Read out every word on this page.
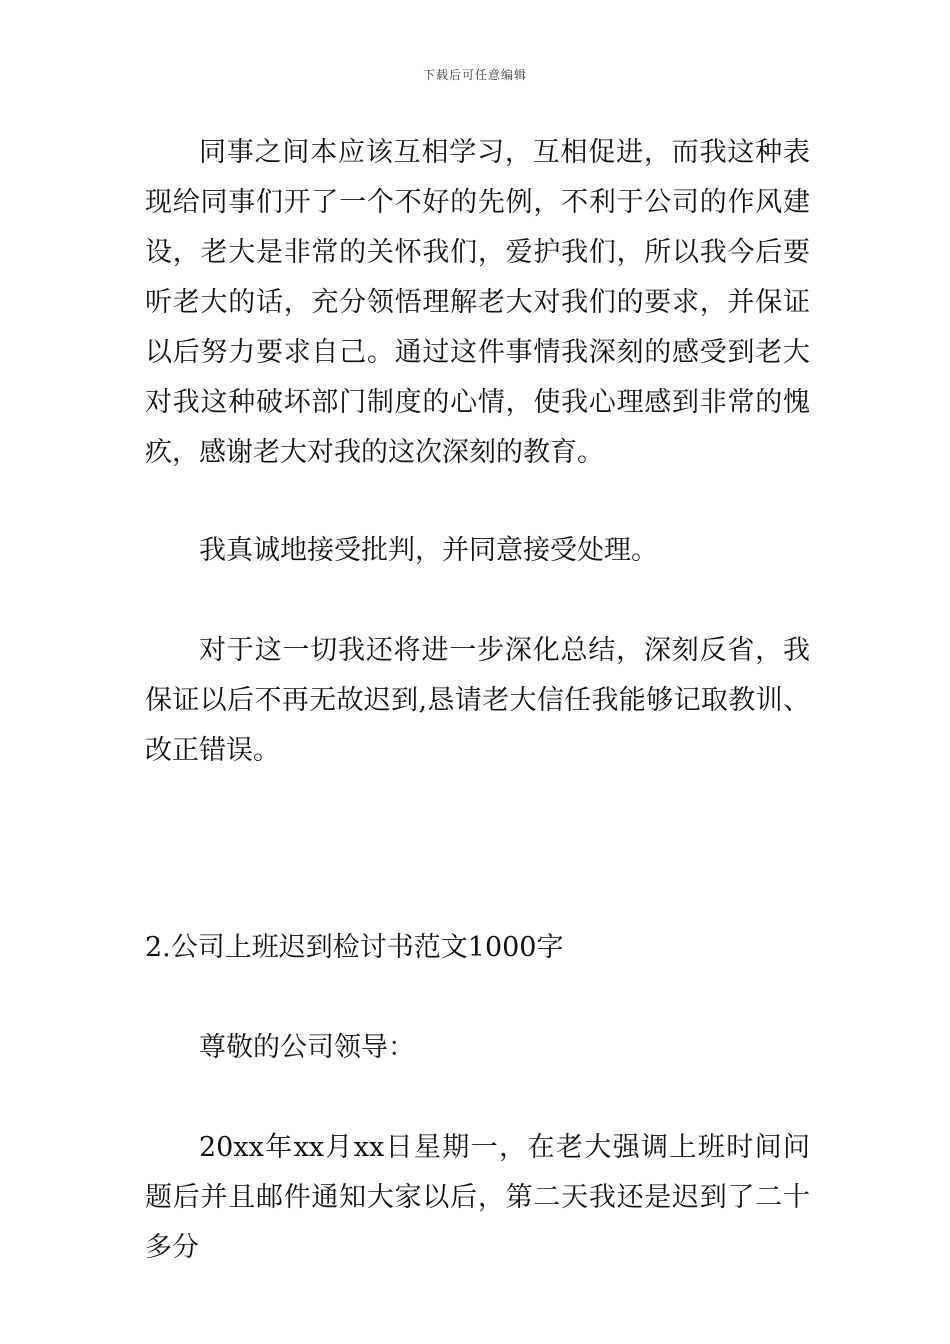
下载后可任意编辑

同事之间本应该互相学习，互相促进，而我这种表现给同事们开了一个不好的先例，不利于公司的作风建设，老大是非常的关怀我们，爱护我们，所以我今后要听老大的话，充分领悟理解老大对我们的要求，并保证以后努力要求自己。通过这件事情我深刻的感受到老大对我这种破坏部门制度的心情，使我心理感到非常的愧疚，感谢老大对我的这次深刻的教育。

我真诚地接受批判，并同意接受处理。

对于这一切我还将进一步深化总结，深刻反省，我保证以后不再无故迟到,恳请老大信任我能够记取教训、改正错误。

2.公司上班迟到检讨书范文1000字

尊敬的公司领导：

20xx年xx月xx日星期一，在老大强调上班时间问题后并且邮件通知大家以后，第二天我还是迟到了二十多分
